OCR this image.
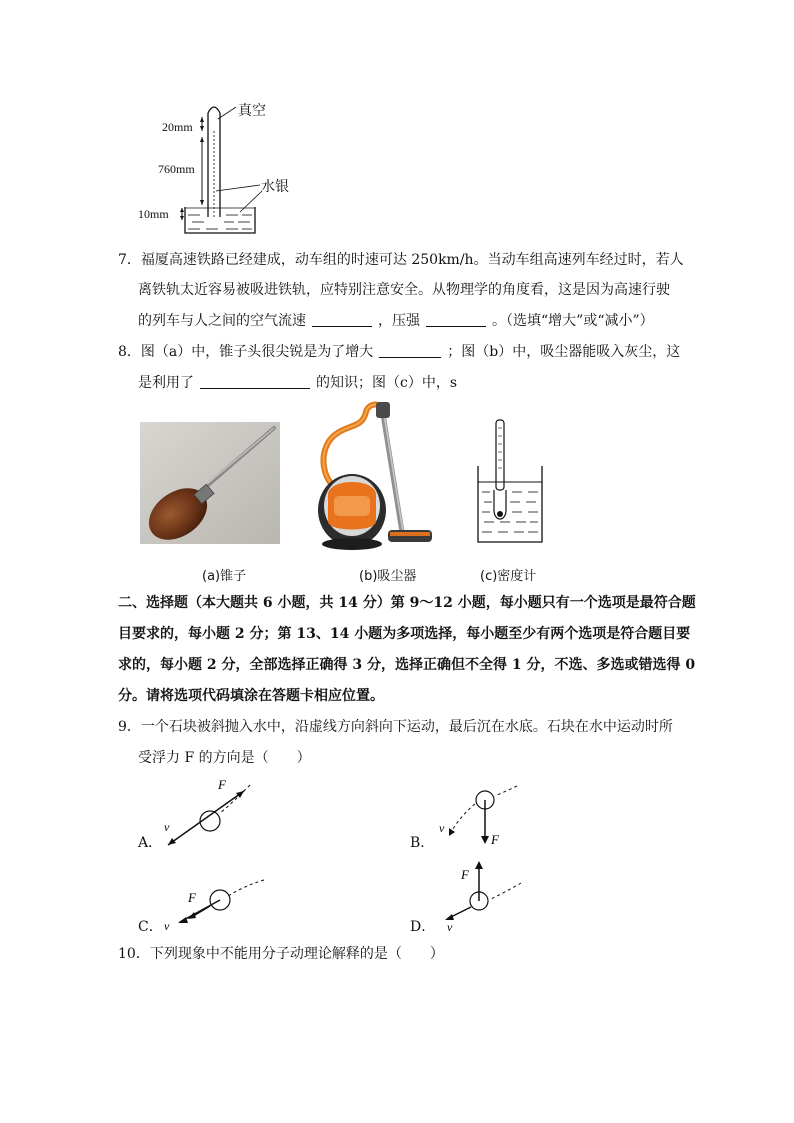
真空
20mm
760mm
水银
10mm
7．福厦高速铁路已经建成，动车组的时速可达 250km/h。当动车组高速列车经过时，若人
离铁轨太近容易被吸进铁轨，应特别注意安全。从物理学的角度看，这是因为高速行驶
的列车与人之间的空气流速	，压强	。（选填“增大”或“减小”）
8．图（a）中，锥子头很尖锐是为了增大	；图（b）中，吸尘器能吸入灰尘，这
是利用了	的知识；图（c）中，s
(a)锥子	(b)吸尘器	(c)密度计
二、选择题（本大题共 6 小题，共 14 分）第 9～12 小题，每小题只有一个选项是最符合题
目要求的，每小题 2 分；第 13、14 小题为多项选择，每小题至少有两个选项是符合题目要
求的，每小题 2 分，全部选择正确得 3 分，选择正确但不全得 1 分，不选、多选或错选得 0
分。请将选项代码填涂在答题卡相应位置。
9．一个石块被斜抛入水中，沿虚线方向斜向下运动，最后沉在水底。石块在水中运动时所
受浮力 F 的方向是（　　）
A．
F
v
B．	F
v
C．
F
v	D．
F
v
10．下列现象中不能用分子动理论解释的是（　　）
